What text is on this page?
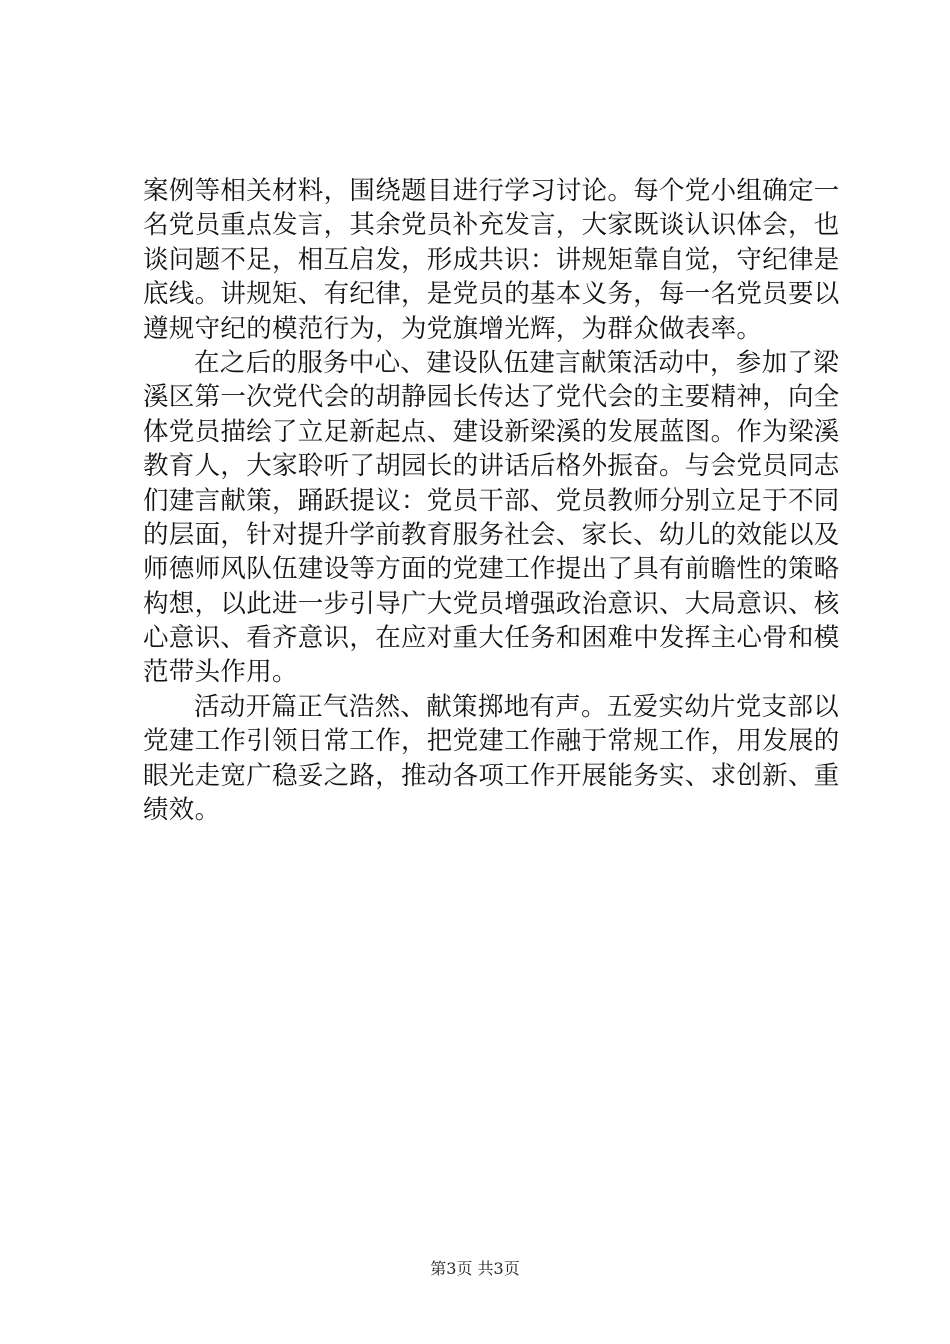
案例等相关材料，围绕题目进行学习讨论。每个党小组确定一
名党员重点发言，其余党员补充发言，大家既谈认识体会，也
谈问题不足，相互启发，形成共识：讲规矩靠自觉，守纪律是
底线。讲规矩、有纪律，是党员的基本义务，每一名党员要以
遵规守纪的模范行为，为党旗增光辉，为群众做表率。
在之后的服务中心、建设队伍建言献策活动中，参加了梁
溪区第一次党代会的胡静园长传达了党代会的主要精神，向全
体党员描绘了立足新起点、建设新梁溪的发展蓝图。作为梁溪
教育人，大家聆听了胡园长的讲话后格外振奋。与会党员同志
们建言献策，踊跃提议：党员干部、党员教师分别立足于不同
的层面，针对提升学前教育服务社会、家长、幼儿的效能以及
师德师风队伍建设等方面的党建工作提出了具有前瞻性的策略
构想，以此进一步引导广大党员增强政治意识、大局意识、核
心意识、看齐意识，在应对重大任务和困难中发挥主心骨和模
范带头作用。
活动开篇正气浩然、献策掷地有声。五爱实幼片党支部以
党建工作引领日常工作，把党建工作融于常规工作，用发展的
眼光走宽广稳妥之路，推动各项工作开展能务实、求创新、重
绩效。
第3页 共3页
